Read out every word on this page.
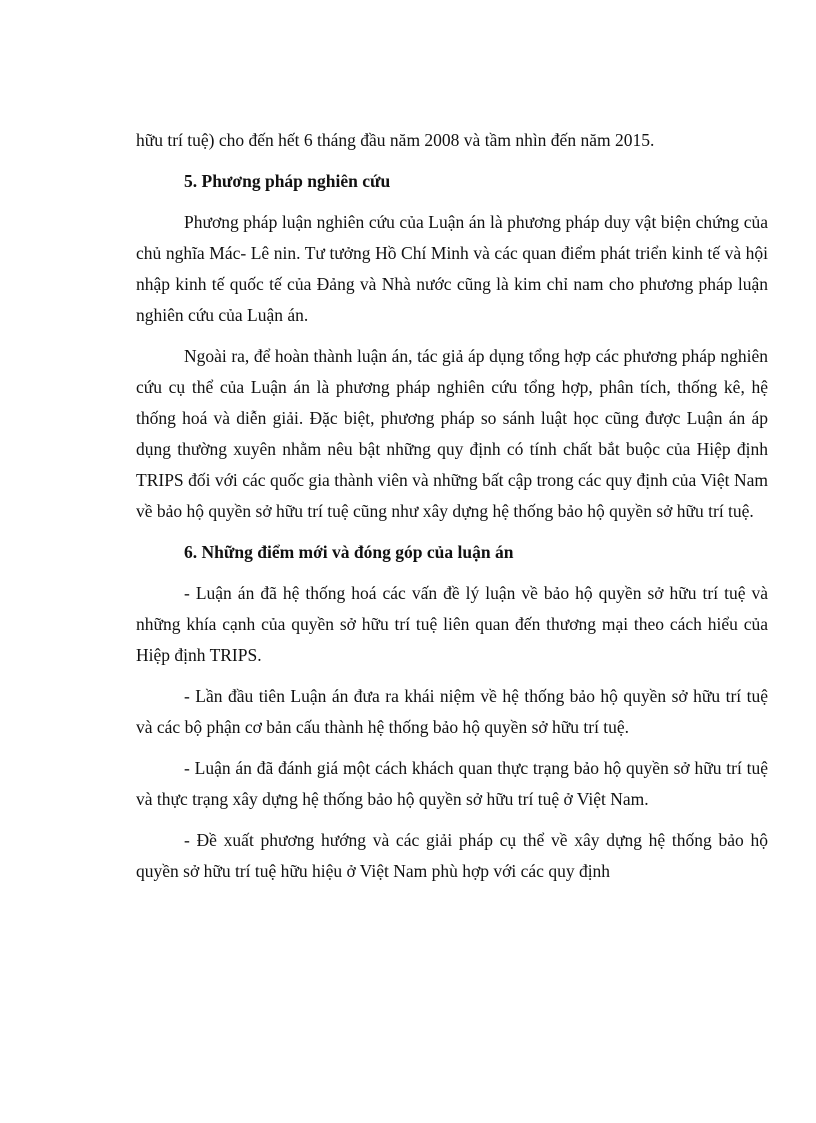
hữu trí tuệ) cho đến hết 6 tháng đầu năm 2008 và tầm nhìn đến năm 2015.

5. Phương pháp nghiên cứu

Phương pháp luận nghiên cứu của Luận án là phương pháp duy vật biện chứng của chủ nghĩa Mác- Lê nin. Tư tưởng Hồ Chí Minh và các quan điểm phát triển kinh tế và hội nhập kinh tế quốc tế của Đảng và Nhà nước cũng là kim chỉ nam cho phương pháp luận nghiên cứu của Luận án.

Ngoài ra, để hoàn thành luận án, tác giả áp dụng tổng hợp các phương pháp nghiên cứu cụ thể của Luận án là phương pháp nghiên cứu tổng hợp, phân tích, thống kê, hệ thống hoá và diễn giải. Đặc biệt, phương pháp so sánh luật học cũng được Luận án áp dụng thường xuyên nhằm nêu bật những quy định có tính chất bắt buộc của Hiệp định TRIPS đối với các quốc gia thành viên và những bất cập trong các quy định của Việt Nam về bảo hộ quyền sở hữu trí tuệ cũng như xây dựng hệ thống bảo hộ quyền sở hữu trí tuệ.

6. Những điểm mới và đóng góp của luận án

- Luận án đã hệ thống hoá các vấn đề lý luận về bảo hộ quyền sở hữu trí tuệ và những khía cạnh của quyền sở hữu trí tuệ liên quan đến thương mại theo cách hiểu của Hiệp định TRIPS.

- Lần đầu tiên Luận án đưa ra khái niệm về hệ thống bảo hộ quyền sở hữu trí tuệ và các bộ phận cơ bản cấu thành hệ thống bảo hộ quyền sở hữu trí tuệ.

- Luận án đã đánh giá một cách khách quan thực trạng bảo hộ quyền sở hữu trí tuệ và thực trạng xây dựng hệ thống bảo hộ quyền sở hữu trí tuệ ở Việt Nam.

- Đề xuất phương hướng và các giải pháp cụ thể về xây dựng hệ thống bảo hộ quyền sở hữu trí tuệ hữu hiệu ở Việt Nam phù hợp với các quy định
